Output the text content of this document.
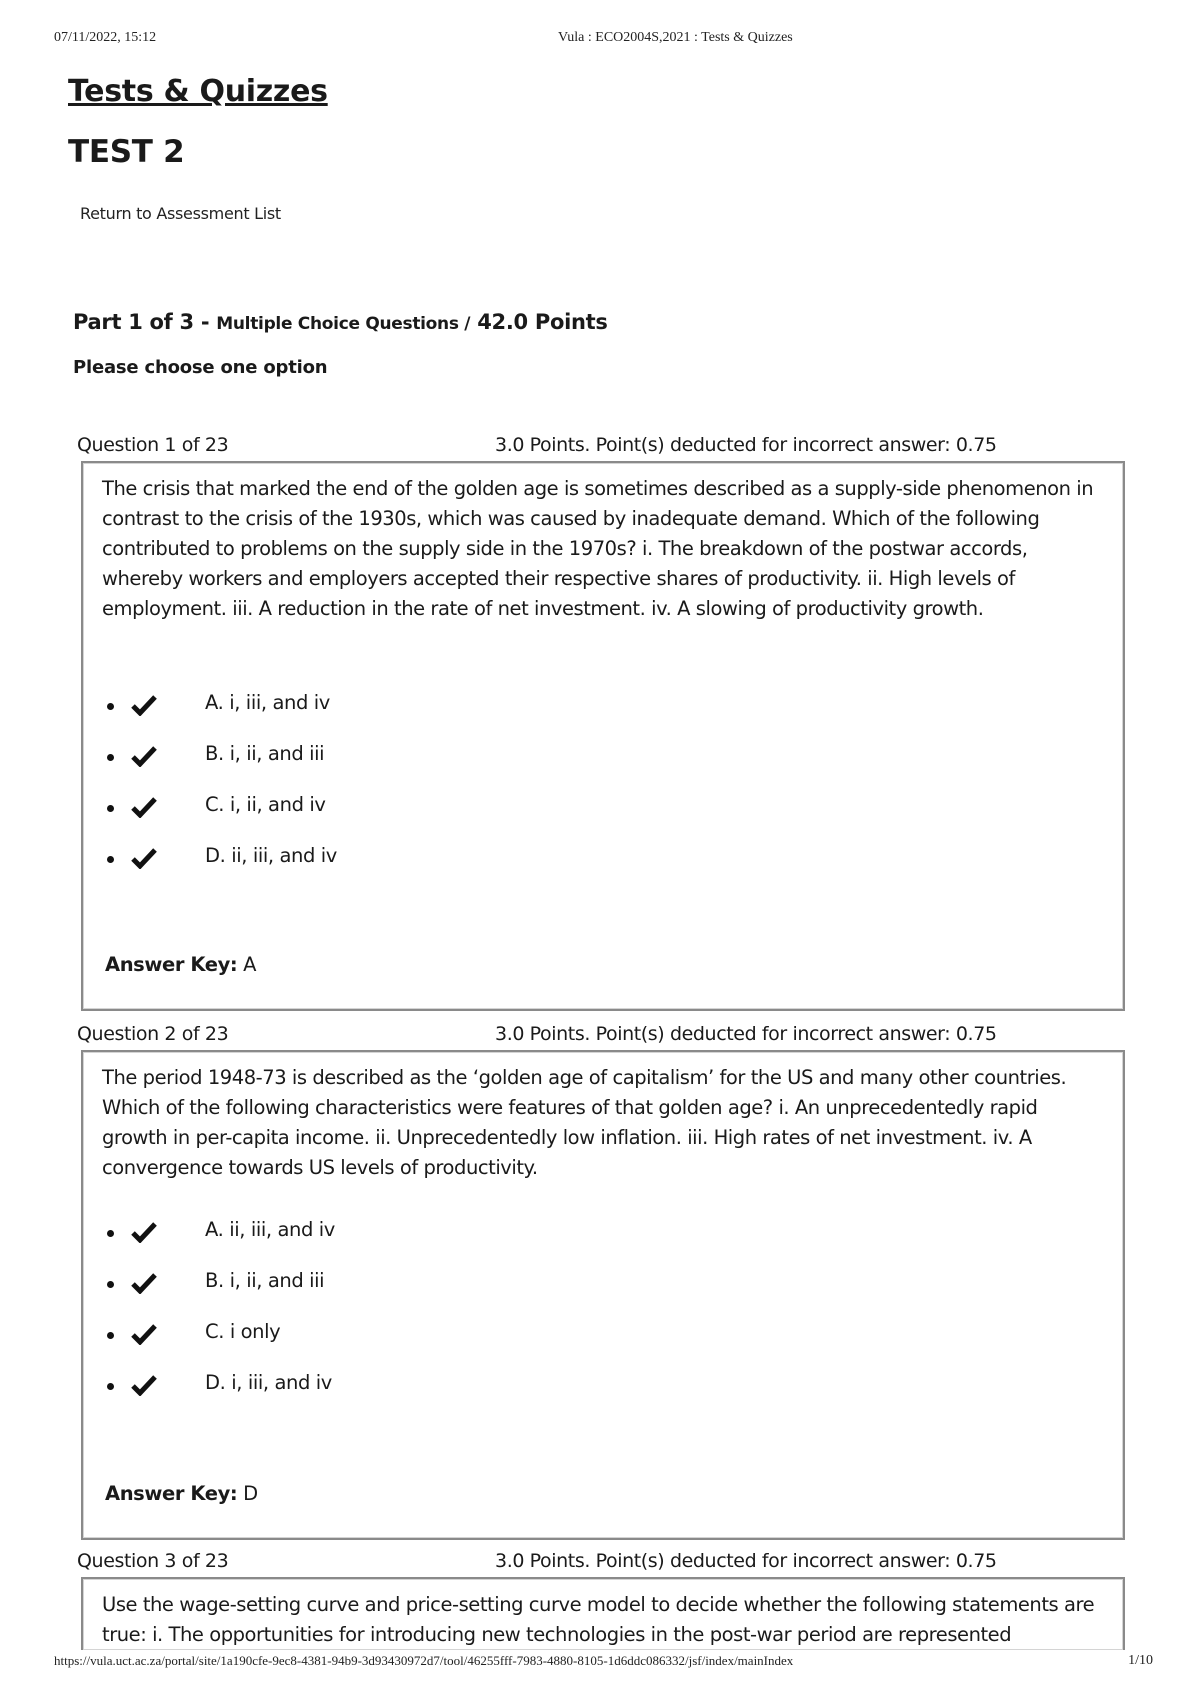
07/11/2022, 15:12	Vula : ECO2004S,2021 : Tests & Quizzes
Tests & Quizzes
TEST 2
Return to Assessment List
Part 1 of 3 - Multiple Choice Questions / 42.0 Points

Please choose one option

Question 1 of 23	3.0 Points. Point(s) deducted for incorrect answer: 0.75

The crisis that marked the end of the golden age is sometimes described as a supply-side phenomenon in contrast to the crisis of the 1930s, which was caused by inadequate demand. Which of the following contributed to problems on the supply side in the 1970s? i. The breakdown of the postwar accords, whereby workers and employers accepted their respective shares of productivity. ii. High levels of employment. iii. A reduction in the rate of net investment. iv. A slowing of productivity growth.

A. i, iii, and iv
B. i, ii, and iii
C. i, ii, and iv
D. ii, iii, and iv
Answer Key: A
Question 2 of 23	3.0 Points. Point(s) deducted for incorrect answer: 0.75

The period 1948-73 is described as the ‘golden age of capitalism’ for the US and many other countries. Which of the following characteristics were features of that golden age? i. An unprecedentedly rapid growth in per-capita income. ii. Unprecedentedly low inflation. iii. High rates of net investment. iv. A convergence towards US levels of productivity.

A. ii, iii, and iv
B. i, ii, and iii
C. i only
D. i, iii, and iv
Answer Key: D
Question 3 of 23	3.0 Points. Point(s) deducted for incorrect answer: 0.75

Use the wage-setting curve and price-setting curve model to decide whether the following statements are true: i. The opportunities for introducing new technologies in the post-war period are represented

https://vula.uct.ac.za/portal/site/1a190cfe-9ec8-4381-94b9-3d93430972d7/tool/46255fff-7983-4880-8105-1d6ddc086332/jsf/index/mainIndex	1/10
